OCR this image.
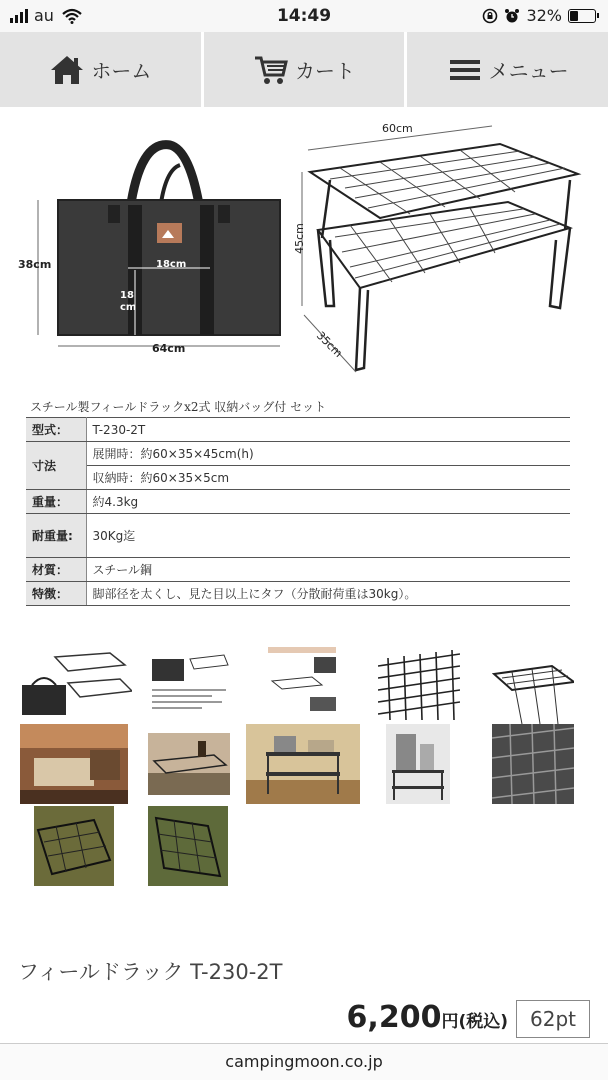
au	14:49	32%
ホーム	カート	メニュー
38cm	18cm
18
cm
64cm
60cm
45cm
35cm
スチール製フィールドラックx2式 収納バッグ付 セット
型式：	T-230-2T
寸法	展開時：約60×35×45cm(h)
	収納時：約60×35×5cm
重量：	約4.3kg
耐重量:	30Kg迄
材質：	スチール鋼
特徴：	脚部径を太くし、見た目以上にタフ（分散耐荷重は30kg）。
フィールドラック T-230-2T
6,200 円(税込)	62pt
campingmoon.co.jp
